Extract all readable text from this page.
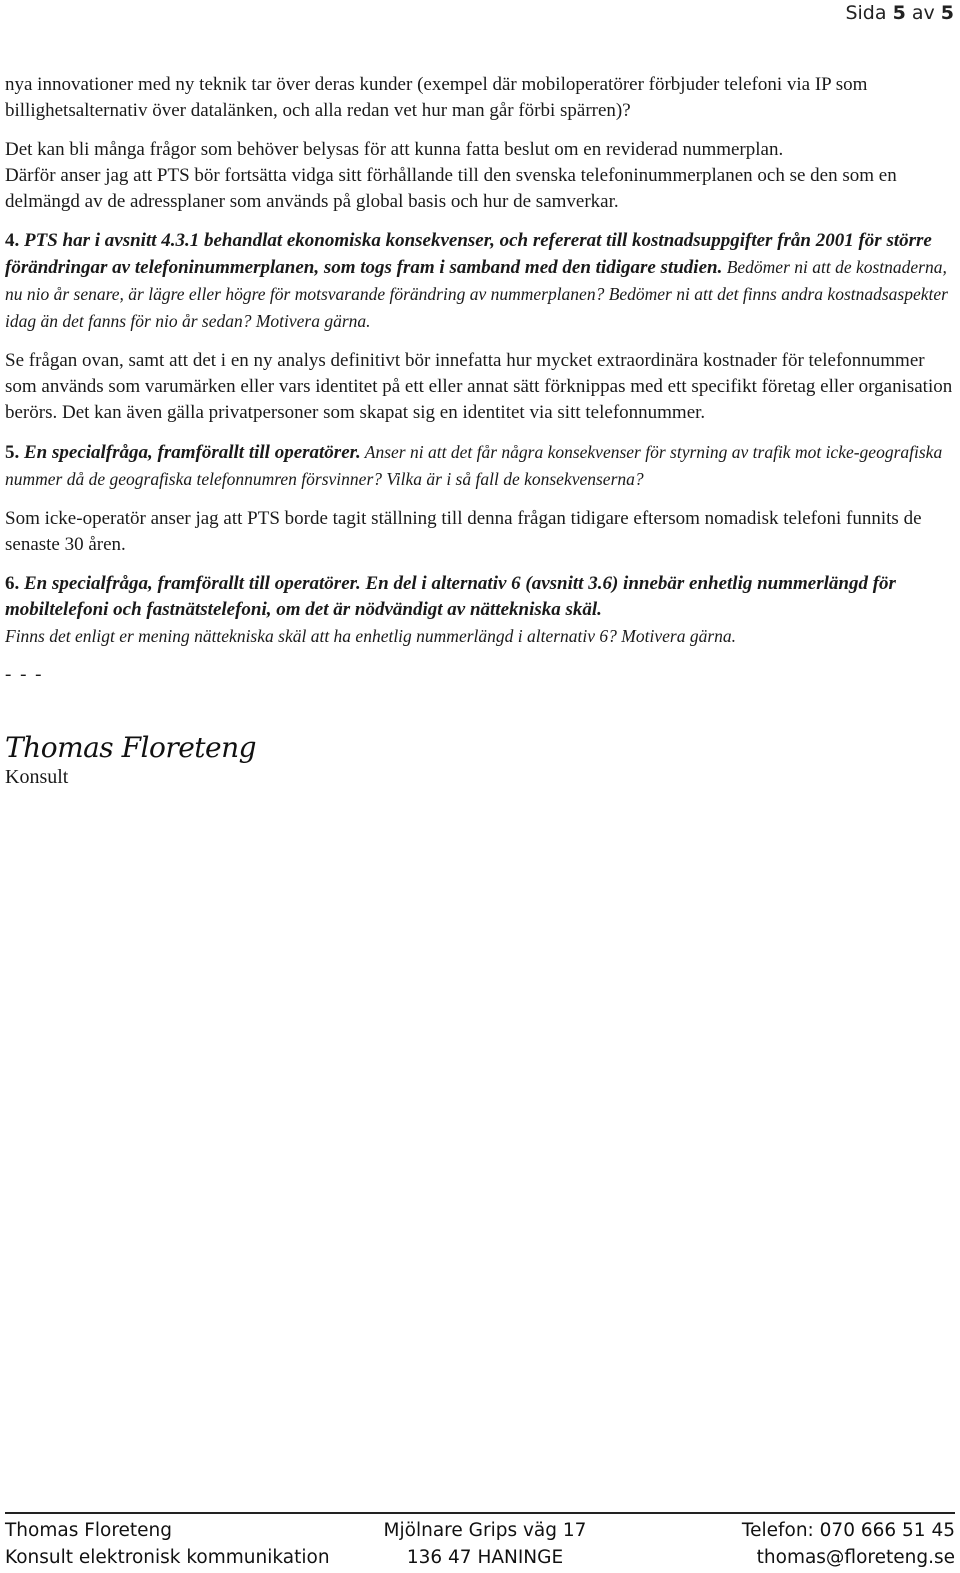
Sida 5 av 5

nya innovationer med ny teknik tar över deras kunder (exempel där mobiloperatörer förbjuder telefoni via IP som billighetsalternativ över datalänken, och alla redan vet hur man går förbi spärren)?

Det kan bli många frågor som behöver belysas för att kunna fatta beslut om en reviderad nummerplan.

Därför anser jag att PTS bör fortsätta vidga sitt förhållande till den svenska telefoninummerplanen och se den som en delmängd av de adressplaner som används på global basis och hur de samverkar.

4. PTS har i avsnitt 4.3.1 behandlat ekonomiska konsekvenser, och refererat till kostnadsuppgifter från 2001 för större förändringar av telefoninummerplanen, som togs fram i samband med den tidigare studien. Bedömer ni att de kostnaderna, nu nio år senare, är lägre eller högre för motsvarande förändring av nummerplanen? Bedömer ni att det finns andra kostnadsaspekter idag än det fanns för nio år sedan? Motivera gärna.

Se frågan ovan, samt att det i en ny analys definitivt bör innefatta hur mycket extraordinära kostnader för telefonnummer som används som varumärken eller vars identitet på ett eller annat sätt förknippas med ett specifikt företag eller organisation berörs. Det kan även gälla privatpersoner som skapat sig en identitet via sitt telefonnummer.

5. En specialfråga, framförallt till operatörer. Anser ni att det får några konsekvenser för styrning av trafik mot icke-geografiska nummer då de geografiska telefonnumren försvinner? Vilka är i så fall de konsekvenserna?

Som icke-operatör anser jag att PTS borde tagit ställning till denna frågan tidigare eftersom nomadisk telefoni funnits de senaste 30 åren.

6. En specialfråga, framförallt till operatörer. En del i alternativ 6 (avsnitt 3.6) innebär enhetlig nummerlängd för mobiltelefoni och fastnätstelefoni, om det är nödvändigt av nättekniska skäl.

Finns det enligt er mening nättekniska skäl att ha enhetlig nummerlängd i alternativ 6? Motivera gärna.

- - -
Thomas Floreteng

Konsult

Thomas Floreteng	Mjölnare Grips väg 17	Telefon: 070 666 51 45
Konsult elektronisk kommunikation	136 47 HANINGE	thomas@floreteng.se
